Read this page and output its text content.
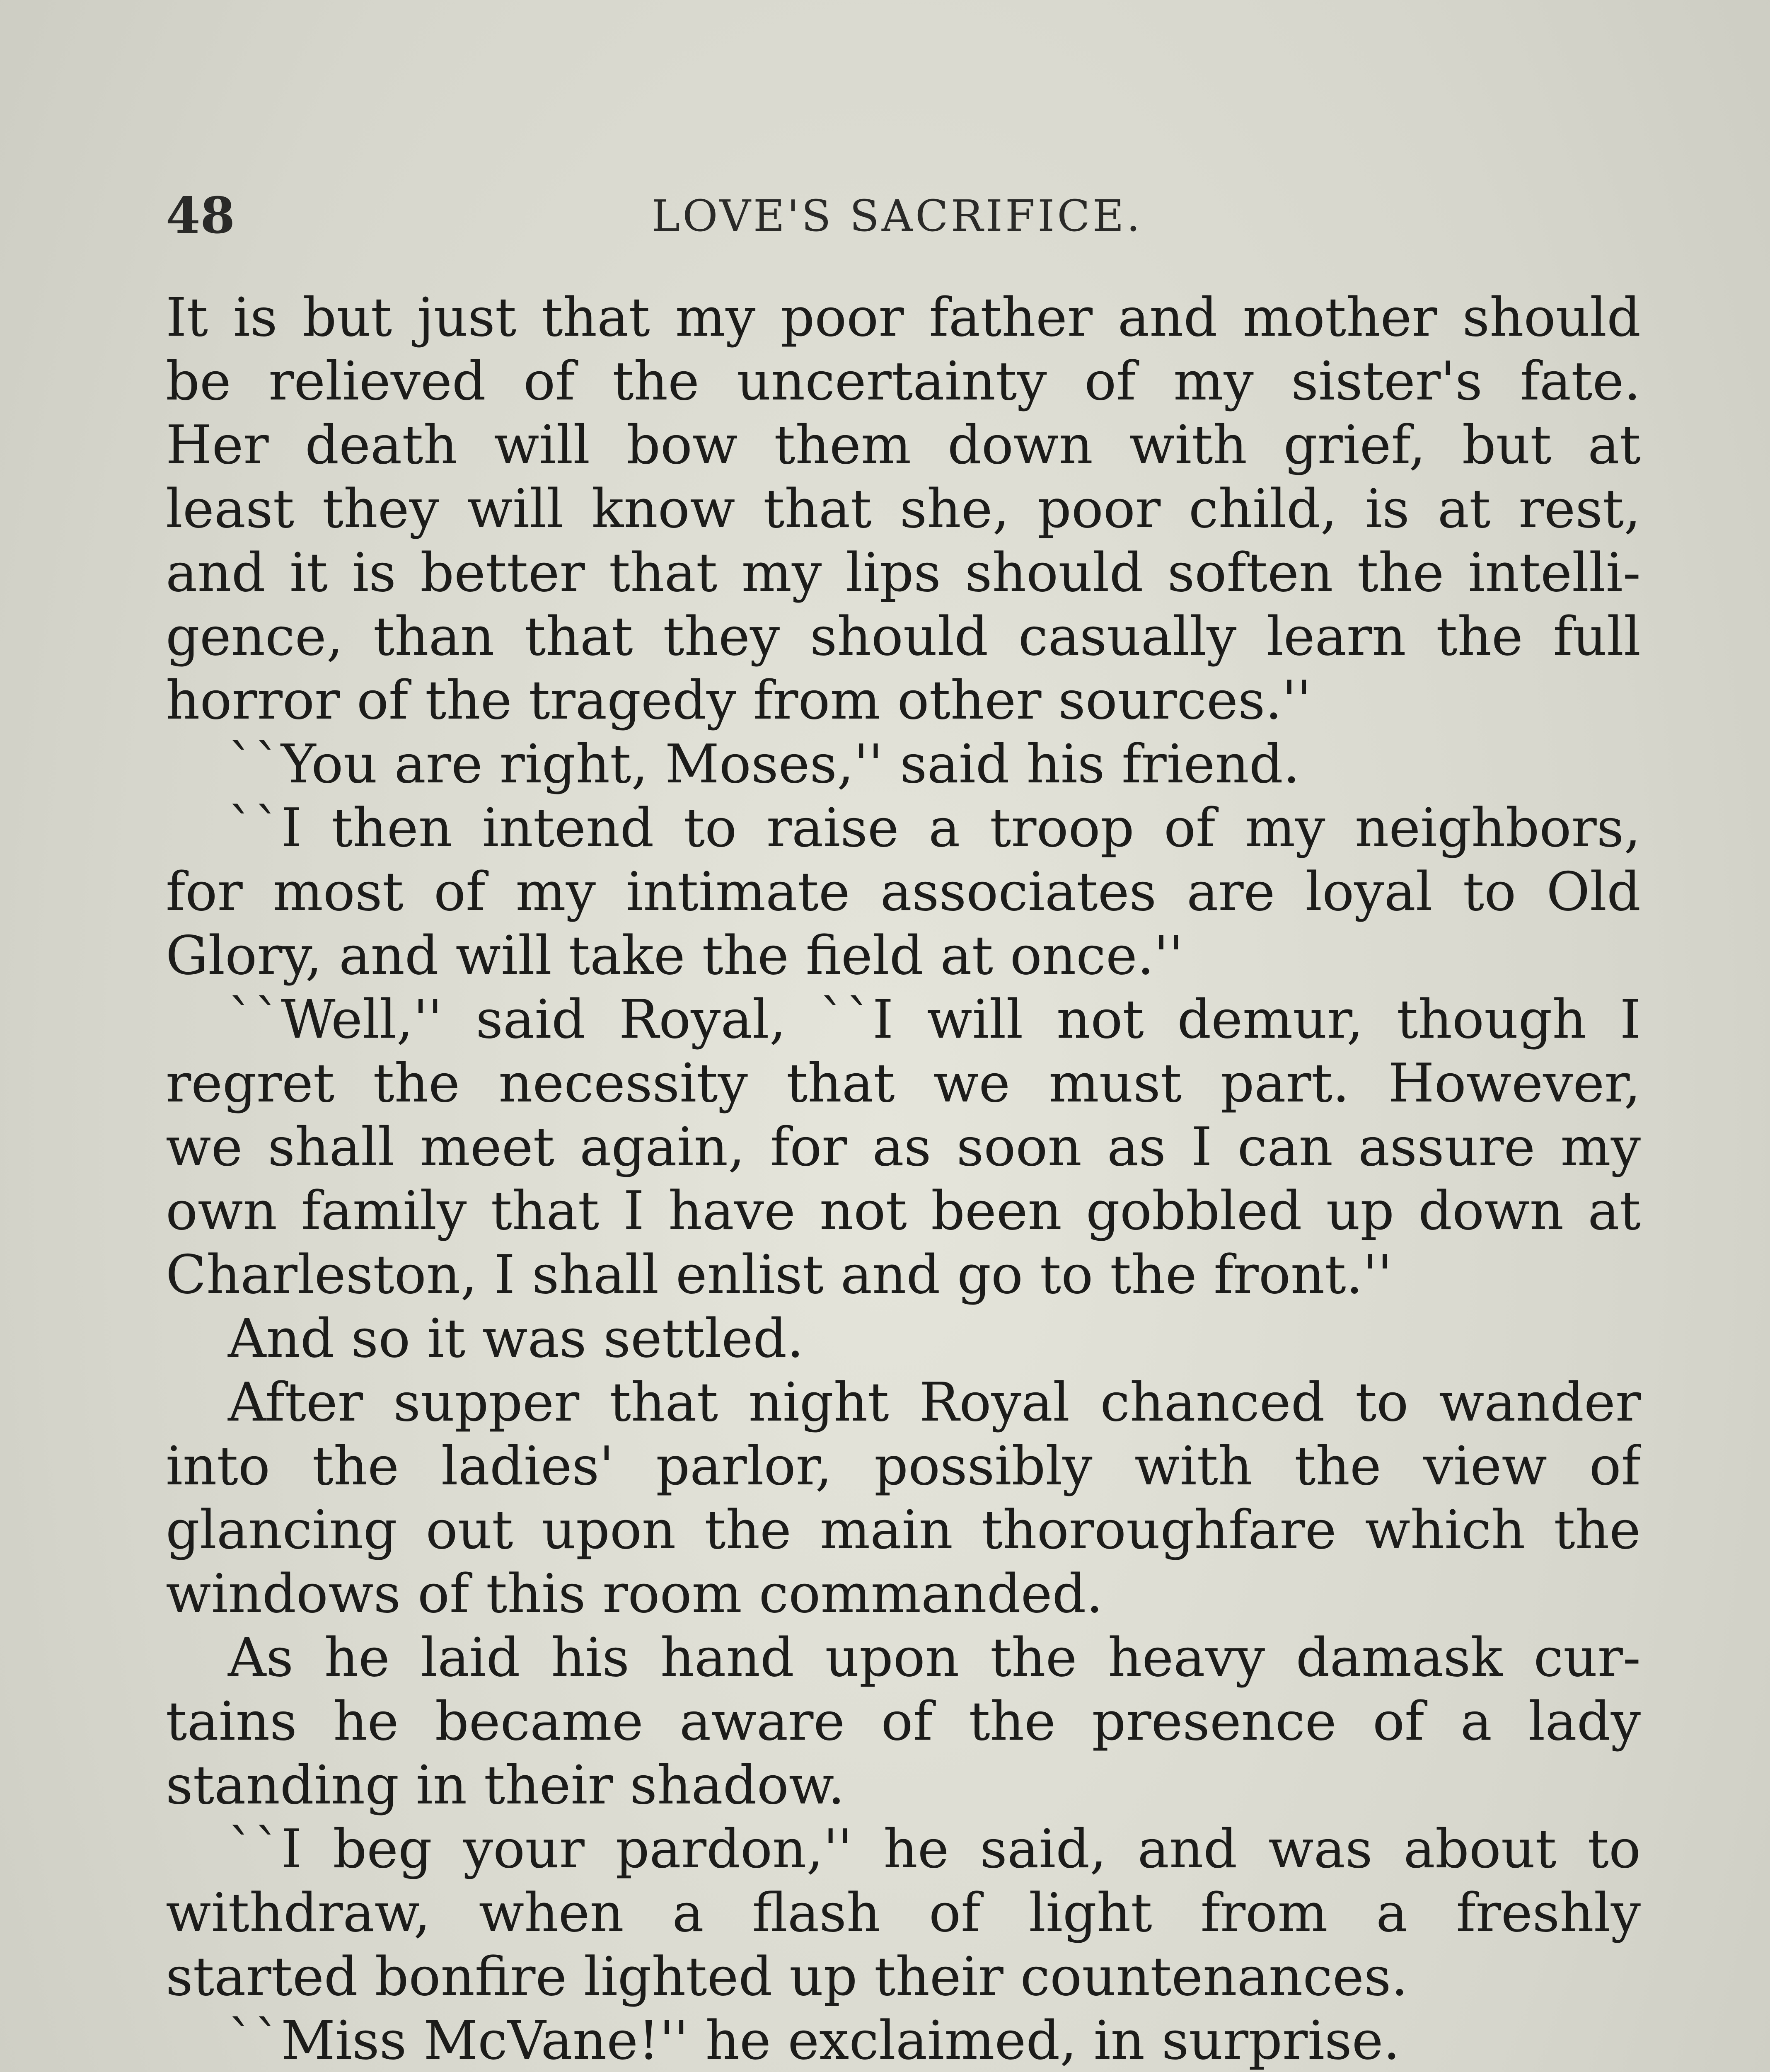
48	LOVE'S SACRIFICE.
It is but just that my poor father and mother should
be relieved of the uncertainty of my sister's fate.
Her death will bow them down with grief, but at
least they will know that she, poor child, is at rest,
and it is better that my lips should soften the intelli-
gence, than that they should casually learn the full
horror of the tragedy from other sources.''
``You are right, Moses,'' said his friend.
``I then intend to raise a troop of my neighbors,
for most of my intimate associates are loyal to Old
Glory, and will take the field at once.''
``Well,'' said Royal, ``I will not demur, though I
regret the necessity that we must part. However,
we shall meet again, for as soon as I can assure my
own family that I have not been gobbled up down at
Charleston, I shall enlist and go to the front.''
And so it was settled.
After supper that night Royal chanced to wander
into the ladies' parlor, possibly with the view of
glancing out upon the main thoroughfare which the
windows of this room commanded.
As he laid his hand upon the heavy damask cur-
tains he became aware of the presence of a lady
standing in their shadow.
``I beg your pardon,'' he said, and was about to
withdraw, when a flash of light from a freshly
started bonfire lighted up their countenances.
``Miss McVane!'' he exclaimed, in surprise.
